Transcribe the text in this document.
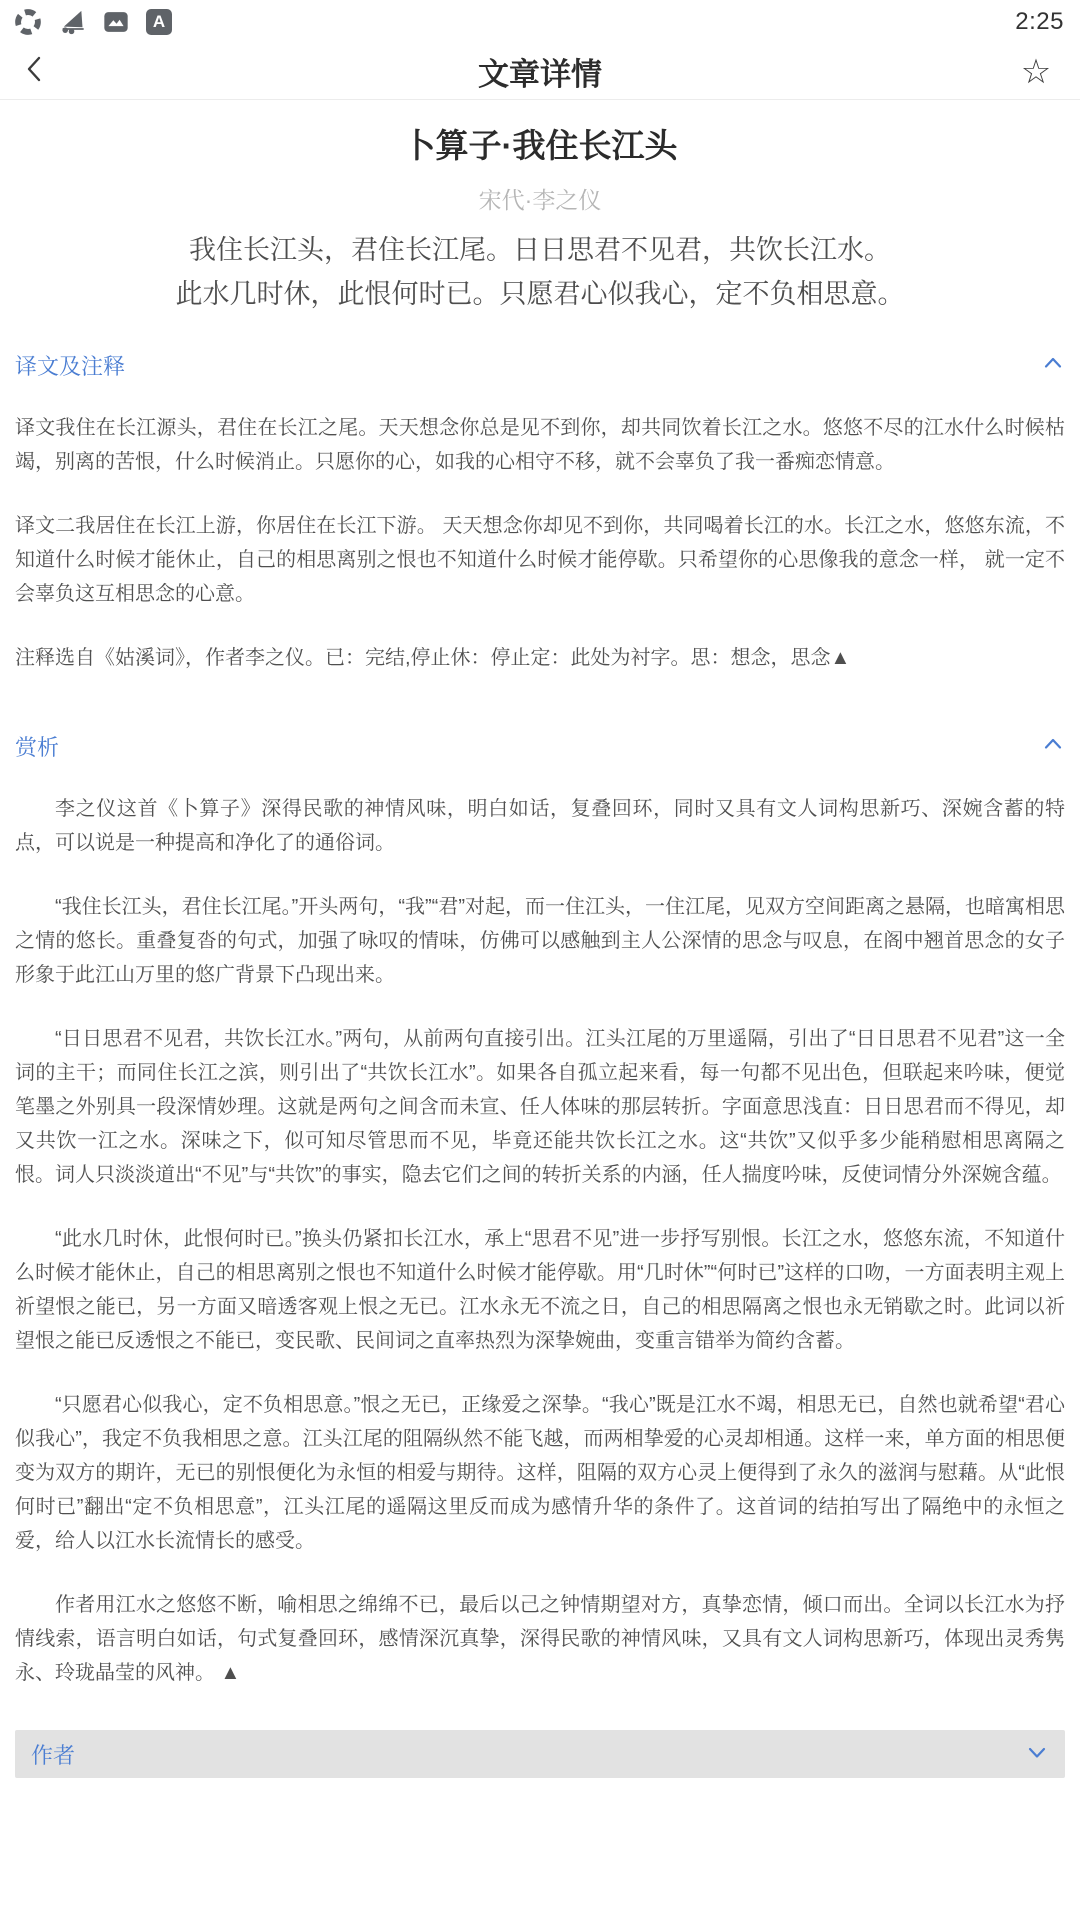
A	2:25
文章详情	☆
卜算子·我住长江头
宋代·李之仪
我住长江头，君住长江尾。日日思君不见君，共饮长江水。
此水几时休，此恨何时已。只愿君心似我心，定不负相思意。
译文及注释

译文我住在长江源头，君住在长江之尾。天天想念你总是见不到你，却共同饮着长江之水。悠悠不尽的江水什么时候枯竭，别离的苦恨，什么时候消止。只愿你的心，如我的心相守不移，就不会辜负了我一番痴恋情意。

译文二我居住在长江上游，你居住在长江下游。 天天想念你却见不到你，共同喝着长江的水。长江之水，悠悠东流，不知道什么时候才能休止，自己的相思离别之恨也不知道什么时候才能停歇。只希望你的心思像我的意念一样， 就一定不会辜负这互相思念的心意。

注释选自《姑溪词》，作者李之仪。已：完结,停止休：停止定：此处为衬字。思：想念，思念▲

赏析

李之仪这首《卜算子》深得民歌的神情风味，明白如话，复叠回环，同时又具有文人词构思新巧、深婉含蓄的特点，可以说是一种提高和净化了的通俗词。

“我住长江头，君住长江尾。”开头两句，“我”“君”对起，而一住江头，一住江尾，见双方空间距离之悬隔，也暗寓相思之情的悠长。重叠复沓的句式，加强了咏叹的情味，仿佛可以感触到主人公深情的思念与叹息，在阁中翘首思念的女子形象于此江山万里的悠广背景下凸现出来。

“日日思君不见君，共饮长江水。”两句，从前两句直接引出。江头江尾的万里遥隔，引出了“日日思君不见君”这一全词的主干；而同住长江之滨，则引出了“共饮长江水”。如果各自孤立起来看，每一句都不见出色，但联起来吟味，便觉笔墨之外别具一段深情妙理。这就是两句之间含而未宣、任人体味的那层转折。字面意思浅直：日日思君而不得见，却又共饮一江之水。深味之下，似可知尽管思而不见，毕竟还能共饮长江之水。这“共饮”又似乎多少能稍慰相思离隔之恨。词人只淡淡道出“不见”与“共饮”的事实，隐去它们之间的转折关系的内涵，任人揣度吟味，反使词情分外深婉含蕴。

“此水几时休，此恨何时已。”换头仍紧扣长江水，承上“思君不见”进一步抒写别恨。长江之水，悠悠东流，不知道什么时候才能休止，自己的相思离别之恨也不知道什么时候才能停歇。用“几时休”“何时已”这样的口吻，一方面表明主观上祈望恨之能已，另一方面又暗透客观上恨之无已。江水永无不流之日，自己的相思隔离之恨也永无销歇之时。此词以祈望恨之能已反透恨之不能已，变民歌、民间词之直率热烈为深挚婉曲，变重言错举为简约含蓄。

“只愿君心似我心，定不负相思意。”恨之无已，正缘爱之深挚。“我心”既是江水不竭，相思无已，自然也就希望“君心似我心”，我定不负我相思之意。江头江尾的阻隔纵然不能飞越，而两相挚爱的心灵却相通。这样一来，单方面的相思便变为双方的期许，无已的别恨便化为永恒的相爱与期待。这样，阻隔的双方心灵上便得到了永久的滋润与慰藉。从“此恨何时已”翻出“定不负相思意”，江头江尾的遥隔这里反而成为感情升华的条件了。这首词的结拍写出了隔绝中的永恒之爱，给人以江水长流情长的感受。

作者用江水之悠悠不断，喻相思之绵绵不已，最后以己之钟情期望对方，真挚恋情，倾口而出。全词以长江水为抒情线索，语言明白如话，句式复叠回环，感情深沉真挚，深得民歌的神情风味，又具有文人词构思新巧，体现出灵秀隽永、玲珑晶莹的风神。 ▲

作者
